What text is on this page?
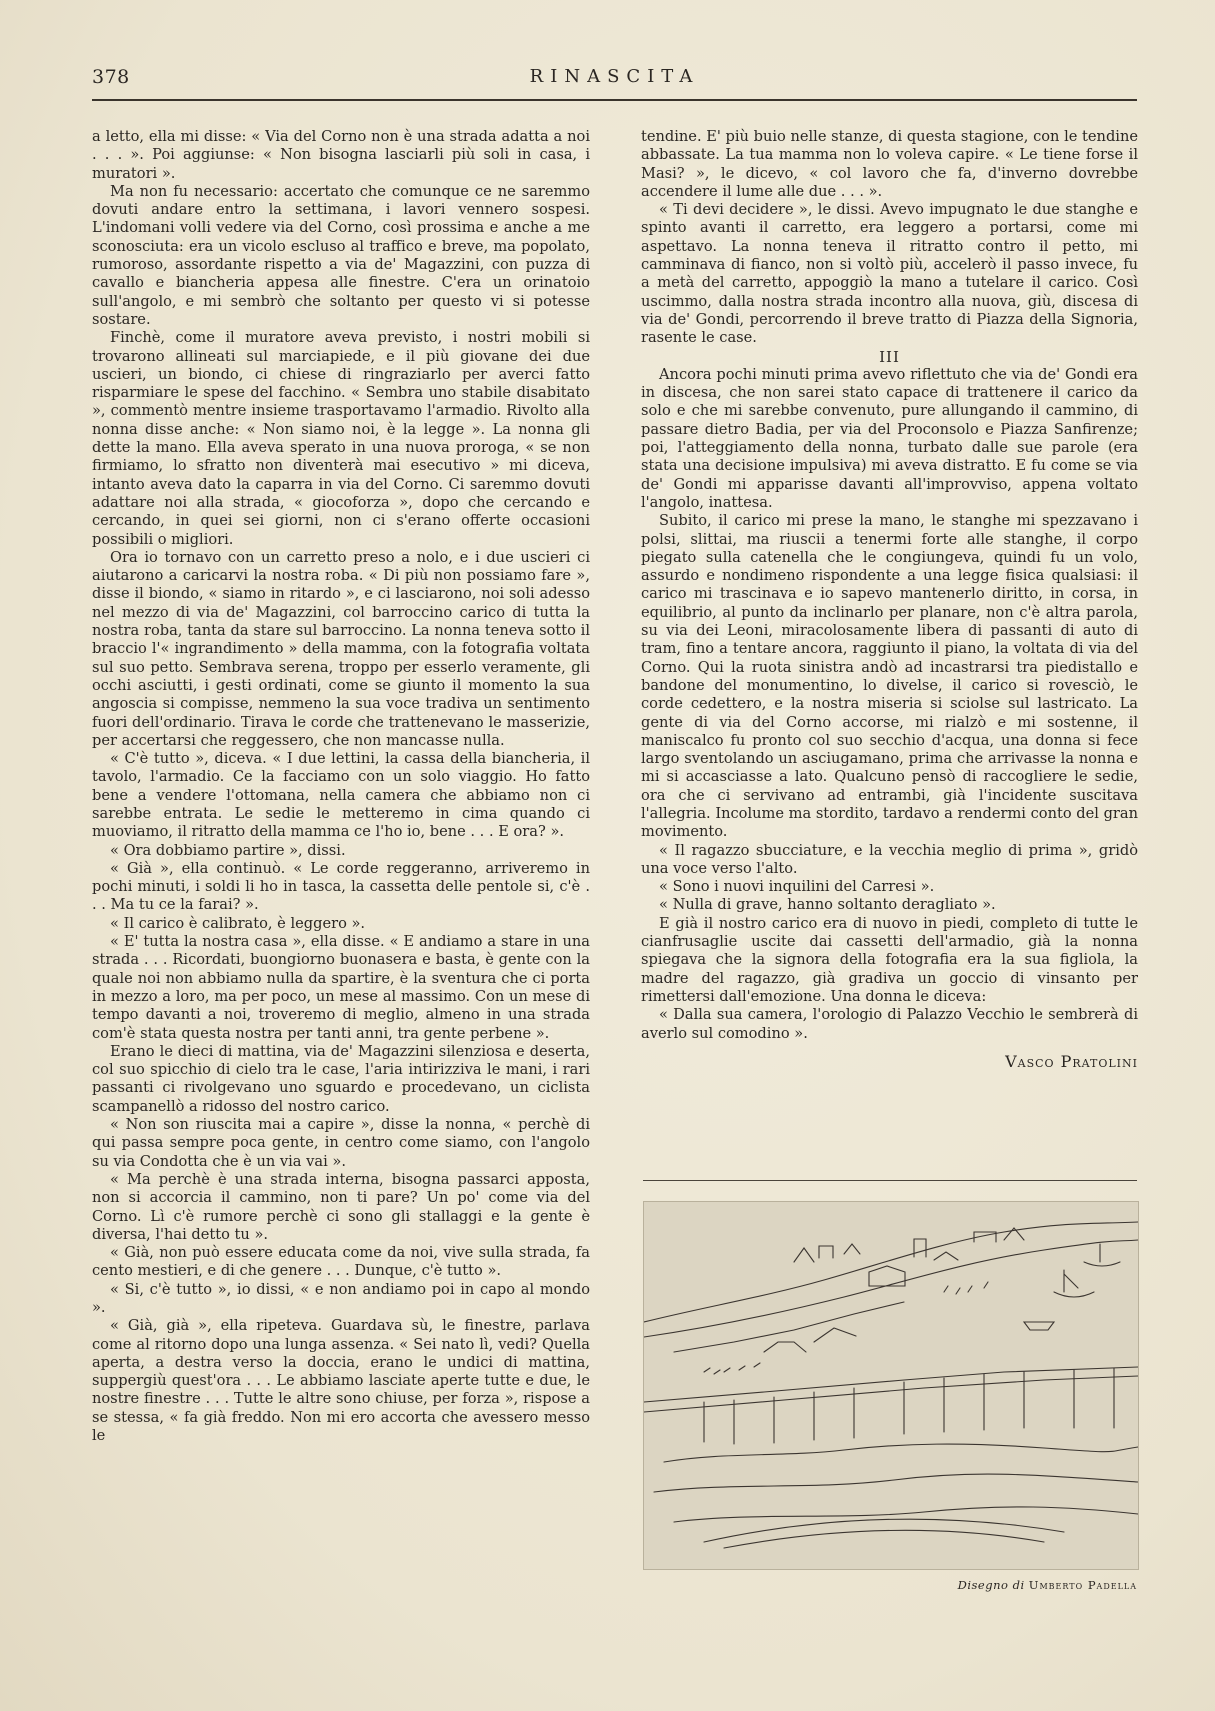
378	RINASCITA

a letto, ella mi disse: « Via del Corno non è una strada adatta a noi . . . ». Poi aggiunse: « Non bisogna lasciarli più soli in casa, i muratori ».

Ma non fu necessario: accertato che comunque ce ne saremmo dovuti andare entro la settimana, i lavori vennero sospesi. L'indomani volli vedere via del Corno, così prossima e anche a me sconosciuta: era un vicolo escluso al traffico e breve, ma popolato, rumoroso, assordante rispetto a via de' Magazzini, con puzza di cavallo e biancheria appesa alle finestre. C'era un orinatoio sull'angolo, e mi sembrò che soltanto per questo vi si potesse sostare.

Finchè, come il muratore aveva previsto, i nostri mobili si trovarono allineati sul marciapiede, e il più giovane dei due uscieri, un biondo, ci chiese di ringraziarlo per averci fatto risparmiare le spese del facchino. « Sembra uno stabile disabitato », commentò mentre insieme trasportavamo l'armadio. Rivolto alla nonna disse anche: « Non siamo noi, è la legge ». La nonna gli dette la mano. Ella aveva sperato in una nuova proroga, « se non firmiamo, lo sfratto non diventerà mai esecutivo » mi diceva, intanto aveva dato la caparra in via del Corno. Ci saremmo dovuti adattare noi alla strada, « giocoforza », dopo che cercando e cercando, in quei sei giorni, non ci s'erano offerte occasioni possibili o migliori.

Ora io tornavo con un carretto preso a nolo, e i due uscieri ci aiutarono a caricarvi la nostra roba. « Di più non possiamo fare », disse il biondo, « siamo in ritardo », e ci lasciarono, noi soli adesso nel mezzo di via de' Magazzini, col barroccino carico di tutta la nostra roba, tanta da stare sul barroccino. La nonna teneva sotto il braccio l'« ingrandimento » della mamma, con la fotografia voltata sul suo petto. Sembrava serena, troppo per esserlo veramente, gli occhi asciutti, i gesti ordinati, come se giunto il momento la sua angoscia si compisse, nemmeno la sua voce tradiva un sentimento fuori dell'ordinario. Tirava le corde che trattenevano le masserizie, per accertarsi che reggessero, che non mancasse nulla.

« C'è tutto », diceva. « I due lettini, la cassa della biancheria, il tavolo, l'armadio. Ce la facciamo con un solo viaggio. Ho fatto bene a vendere l'ottomana, nella camera che abbiamo non ci sarebbe entrata. Le sedie le metteremo in cima quando ci muoviamo, il ritratto della mamma ce l'ho io, bene . . . E ora? ».

« Ora dobbiamo partire », dissi.

« Già », ella continuò. « Le corde reggeranno, arriveremo in pochi minuti, i soldi li ho in tasca, la cassetta delle pentole si, c'è . . . Ma tu ce la farai? ».

« Il carico è calibrato, è leggero ».

« E' tutta la nostra casa », ella disse. « E andiamo a stare in una strada . . . Ricordati, buongiorno buonasera e basta, è gente con la quale noi non abbiamo nulla da spartire, è la sventura che ci porta in mezzo a loro, ma per poco, un mese al massimo. Con un mese di tempo davanti a noi, troveremo di meglio, almeno in una strada com'è stata questa nostra per tanti anni, tra gente perbene ».

Erano le dieci di mattina, via de' Magazzini silenziosa e deserta, col suo spicchio di cielo tra le case, l'aria intirizziva le mani, i rari passanti ci rivolgevano uno sguardo e procedevano, un ciclista scampanellò a ridosso del nostro carico.

« Non son riuscita mai a capire », disse la nonna, « perchè di qui passa sempre poca gente, in centro come siamo, con l'angolo su via Condotta che è un via vai ».

« Ma perchè è una strada interna, bisogna passarci apposta, non si accorcia il cammino, non ti pare? Un po' come via del Corno. Lì c'è rumore perchè ci sono gli stallaggi e la gente è diversa, l'hai detto tu ».

« Già, non può essere educata come da noi, vive sulla strada, fa cento mestieri, e di che genere . . . Dunque, c'è tutto ».

« Si, c'è tutto », io dissi, « e non andiamo poi in capo al mondo ».

« Già, già », ella ripeteva. Guardava sù, le finestre, parlava come al ritorno dopo una lunga assenza. « Sei nato lì, vedi? Quella aperta, a destra verso la doccia, erano le undici di mattina, suppergiù quest'ora . . . Le abbiamo lasciate aperte tutte e due, le nostre finestre . . . Tutte le altre sono chiuse, per forza », rispose a se stessa, « fa già freddo. Non mi ero accorta che avessero messo le

tendine. E' più buio nelle stanze, di questa stagione, con le tendine abbassate. La tua mamma non lo voleva capire. « Le tiene forse il Masi? », le dicevo, « col lavoro che fa, d'inverno dovrebbe accendere il lume alle due . . . ».

« Ti devi decidere », le dissi. Avevo impugnato le due stanghe e spinto avanti il carretto, era leggero a portarsi, come mi aspettavo. La nonna teneva il ritratto contro il petto, mi camminava di fianco, non si voltò più, accelerò il passo invece, fu a metà del carretto, appoggiò la mano a tutelare il carico. Così uscimmo, dalla nostra strada incontro alla nuova, giù, discesa di via de' Gondi, percorrendo il breve tratto di Piazza della Signoria, rasente le case.

III

Ancora pochi minuti prima avevo riflettuto che via de' Gondi era in discesa, che non sarei stato capace di trattenere il carico da solo e che mi sarebbe convenuto, pure allungando il cammino, di passare dietro Badia, per via del Proconsolo e Piazza Sanfirenze; poi, l'atteggiamento della nonna, turbato dalle sue parole (era stata una decisione impulsiva) mi aveva distratto. E fu come se via de' Gondi mi apparisse davanti all'improvviso, appena voltato l'angolo, inattesa.

Subito, il carico mi prese la mano, le stanghe mi spezzavano i polsi, slittai, ma riuscii a tenermi forte alle stanghe, il corpo piegato sulla catenella che le congiungeva, quindi fu un volo, assurdo e nondimeno rispondente a una legge fisica qualsiasi: il carico mi trascinava e io sapevo mantenerlo diritto, in corsa, in equilibrio, al punto da inclinarlo per planare, non c'è altra parola, su via dei Leoni, miracolosamente libera di passanti di auto di tram, fino a tentare ancora, raggiunto il piano, la voltata di via del Corno. Qui la ruota sinistra andò ad incastrarsi tra piedistallo e bandone del monumentino, lo divelse, il carico si rovesciò, le corde cedettero, e la nostra miseria si sciolse sul lastricato. La gente di via del Corno accorse, mi rialzò e mi sostenne, il maniscalco fu pronto col suo secchio d'acqua, una donna si fece largo sventolando un asciugamano, prima che arrivasse la nonna e mi si accasciasse a lato. Qualcuno pensò di raccogliere le sedie, ora che ci servivano ad entrambi, già l'incidente suscitava l'allegria. Incolume ma stordito, tardavo a rendermi conto del gran movimento.

« Il ragazzo sbucciature, e la vecchia meglio di prima », gridò una voce verso l'alto.

« Sono i nuovi inquilini del Carresi ».

« Nulla di grave, hanno soltanto deragliato ».

E già il nostro carico era di nuovo in piedi, completo di tutte le cianfrusaglie uscite dai cassetti dell'armadio, già la nonna spiegava che la signora della fotografia era la sua figliola, la madre del ragazzo, già gradiva un goccio di vinsanto per rimettersi dall'emozione. Una donna le diceva:

« Dalla sua camera, l'orologio di Palazzo Vecchio le sembrerà di averlo sul comodino ».

Vasco Pratolini
Disegno di Umberto Padella
